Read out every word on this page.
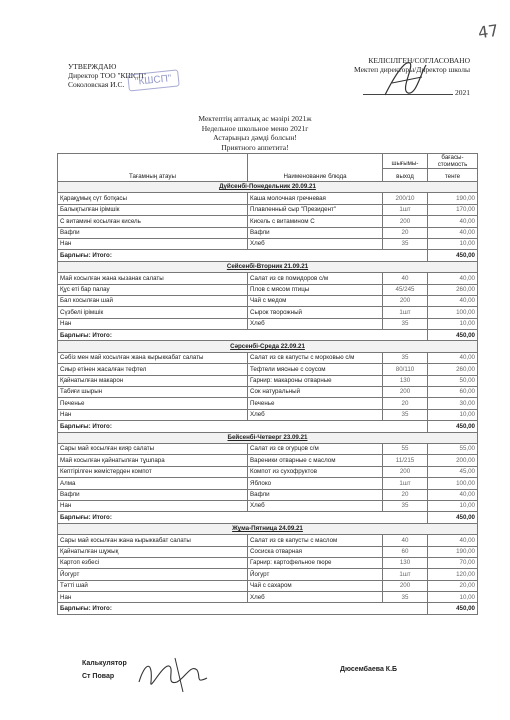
47
УТВЕРЖДАЮ
Директор ТОО "КШСП"
Соколовская И.С.	"КШСП"
КЕЛІСІЛГЕН/СОГЛАСОВАНО
Мектеп директоры/Директор школы
2021
Мектептің апталық ас мәзірі 2021ж
Недельное школьное меню 2021г
Астарыңыз дәмді болсын!
Приятного аппетита!
Тағамның атауы	Наименование блюда	шығымы-	бағасы-стоимость
		выход	тенге
Дүйсенбі-Понедельник 20.09.21			
Қарақұмық сүт ботқасы	Каша молочная гречневая	200/10	190,00
Балықтылған ірімшік	Плавленный сыр "Президент"	1шт	170,00
С витамині косылған кисель	Кисель с витамином С	200	40,00
Вафли	Вафли	20	40,00
Нан	Хлеб	35	10,00
Барлығы: Итого:			450,00
Сейсенбі-Вторник 21.09.21			
Май косылған жана кызанак салаты	Салат из св помидоров с/м	40	40,00
Құс еті бар палау	Плов с мясом птицы	45/245	260,00
Бал косылған шай	Чай с медом	200	40,00
Сүзбелі ірімшік	Сырок творожный	1шт	100,00
Нан	Хлеб	35	10,00
Барлығы: Итого:			450,00
Сәрсенбі-Среда 22.09.21			
Сәбіз мен май косылған жана кырыккабат салаты	Салат из св капусты с морковью с/м	35	40,00
Сиыр етінен жасалған тефтел	Тефтели мясные с соусом	80/110	260,00
Қайнатылған макарон	Гарнир: макароны отварные	130	50,00
Табиғи шырын	Сок натуральный	200	60,00
Печенье	Печенье	20	30,00
Нан	Хлеб	35	10,00
Барлығы: Итого:			450,00
Бейсенбі-Четверг 23.09.21			
Сары май косылған кияр салаты	Салат из св огурцов с/м	55	55,00
Май косылған қайнатылған тұшпара	Вареники отварные с маслом	11/215	200,00
Кептірілген жемістерден компот	Компот из сухофруктов	200	45,00
Алма	Яблоко	1шт	100,00
Вафли	Вафли	20	40,00
Нан	Хлеб	35	10,00
Барлығы: Итого:			450,00
Жұма-Пятница 24.09.21			
Сары май косылған жана кырыккабат салаты	Салат из св капусты с маслом	40	40,00
Қайнатылған шұжық	Сосиска отварная	60	190,00
Картоп езбесі	Гарнир: картофельное пюре	130	70,00
Йогурт	Йогурт	1шт	120,00
Тәтті шай	Чай с сахаром	200	20,00
Нан	Хлеб	35	10,00
Барлығы: Итого:			450,00
Калькулятор
Ст Повар
Дюсембаева К.Б
